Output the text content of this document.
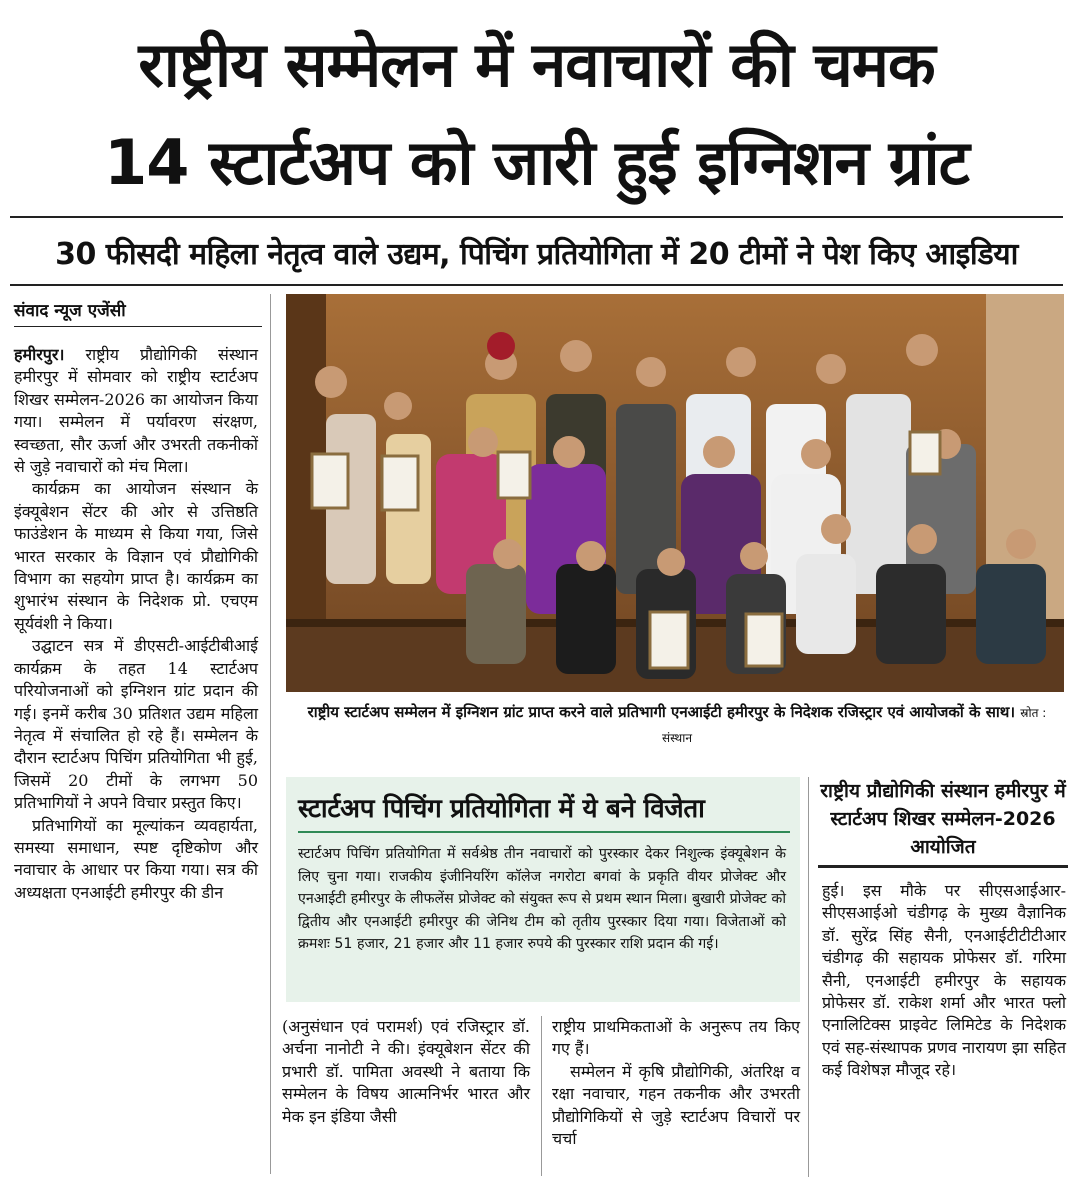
राष्ट्रीय सम्मेलन में नवाचारों की चमक
14 स्टार्टअप को जारी हुई इग्निशन ग्रांट
30 फीसदी महिला नेतृत्व वाले उद्यम, पिचिंग प्रतियोगिता में 20 टीमों ने पेश किए आइडिया
संवाद न्यूज एजेंसी

हमीरपुर। राष्ट्रीय प्रौद्योगिकी संस्थान हमीरपुर में सोमवार को राष्ट्रीय स्टार्टअप शिखर सम्मेलन-2026 का आयोजन किया गया। सम्मेलन में पर्यावरण संरक्षण, स्वच्छता, सौर ऊर्जा और उभरती तकनीकों से जुड़े नवाचारों को मंच मिला।

कार्यक्रम का आयोजन संस्थान के इंक्यूबेशन सेंटर की ओर से उत्तिष्ठति फाउंडेशन के माध्यम से किया गया, जिसे भारत सरकार के विज्ञान एवं प्रौद्योगिकी विभाग का सहयोग प्राप्त है। कार्यक्रम का शुभारंभ संस्थान के निदेशक प्रो. एचएम सूर्यवंशी ने किया।

उद्घाटन सत्र में डीएसटी-आईटीबीआई कार्यक्रम के तहत 14 स्टार्टअप परियोजनाओं को इग्निशन ग्रांट प्रदान की गई। इनमें करीब 30 प्रतिशत उद्यम महिला नेतृत्व में संचालित हो रहे हैं। सम्मेलन के दौरान स्टार्टअप पिचिंग प्रतियोगिता भी हुई, जिसमें 20 टीमों के लगभग 50 प्रतिभागियों ने अपने विचार प्रस्तुत किए।

प्रतिभागियों का मूल्यांकन व्यवहार्यता, समस्या समाधान, स्पष्ट दृष्टिकोण और नवाचार के आधार पर किया गया। सत्र की अध्यक्षता एनआईटी हमीरपुर की डीन

राष्ट्रीय स्टार्टअप सम्मेलन में इग्निशन ग्रांट प्राप्त करने वाले प्रतिभागी एनआईटी हमीरपुर के निदेशक रजिस्ट्रार एवं आयोजकों के साथ। स्रोत : संस्थान
स्टार्टअप पिचिंग प्रतियोगिता में ये बने विजेता
स्टार्टअप पिचिंग प्रतियोगिता में सर्वश्रेष्ठ तीन नवाचारों को पुरस्कार देकर निशुल्क इंक्यूबेशन के लिए चुना गया। राजकीय इंजीनियरिंग कॉलेज नगरोटा बगवां के प्रकृति वीयर प्रोजेक्ट और एनआईटी हमीरपुर के लीफलेंस प्रोजेक्ट को संयुक्त रूप से प्रथम स्थान मिला। बुखारी प्रोजेक्ट को द्वितीय और एनआईटी हमीरपुर की जेनिथ टीम को तृतीय पुरस्कार दिया गया। विजेताओं को क्रमशः 51 हजार, 21 हजार और 11 हजार रुपये की पुरस्कार राशि प्रदान की गई।
राष्ट्रीय प्रौद्योगिकी संस्थान हमीरपुर में स्टार्टअप शिखर सम्मेलन-2026 आयोजित

हुई। इस मौके पर सीएसआईआर-सीएसआईओ चंडीगढ़ के मुख्य वैज्ञानिक डॉ. सुरेंद्र सिंह सैनी, एनआईटीटीटीआर चंडीगढ़ की सहायक प्रोफेसर डॉ. गरिमा सैनी, एनआईटी हमीरपुर के सहायक प्रोफेसर डॉ. राकेश शर्मा और भारत फ्लो एनालिटिक्स प्राइवेट लिमिटेड के निदेशक एवं सह-संस्थापक प्रणव नारायण झा सहित कई विशेषज्ञ मौजूद रहे।

(अनुसंधान एवं परामर्श) एवं रजिस्ट्रार डॉ. अर्चना नानोटी ने की। इंक्यूबेशन सेंटर की प्रभारी डॉ. पामिता अवस्थी ने बताया कि सम्मेलन के विषय आत्मनिर्भर भारत और मेक इन इंडिया जैसी

राष्ट्रीय प्राथमिकताओं के अनुरूप तय किए गए हैं।

सम्मेलन में कृषि प्रौद्योगिकी, अंतरिक्ष व रक्षा नवाचार, गहन तकनीक और उभरती प्रौद्योगिकियों से जुड़े स्टार्टअप विचारों पर चर्चा
